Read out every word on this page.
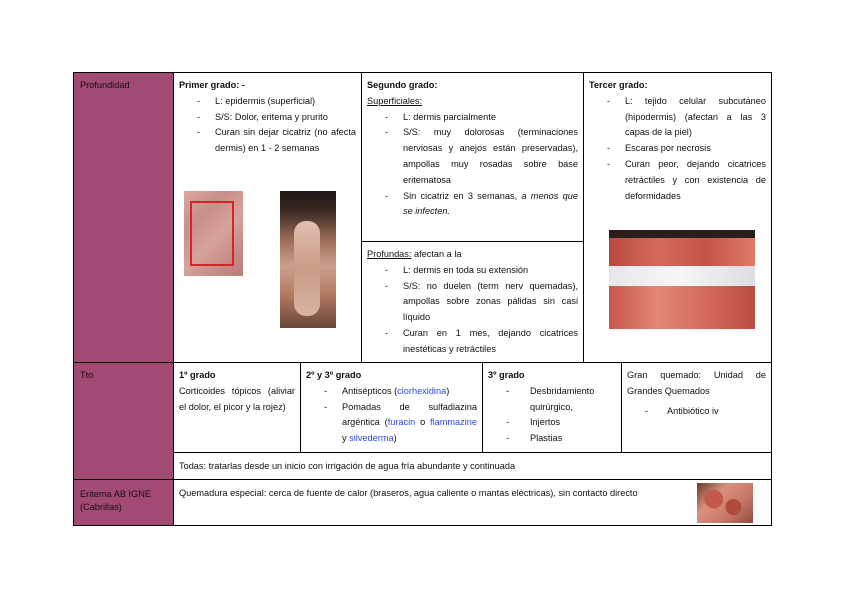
Profundidad
Tto
Eritema AB IGNE (Cabrillas)
Primer grado: -
- L: epidermis (superficial)
- S/S: Dolor, eritema y prurito
- Curan sin dejar cicatriz (no afecta dermis) en 1 - 2 semanas
Segundo grado:
Superficiales:
- L: dermis parcialmente
- S/S: muy dolorosas (terminaciones nerviosas y anejos están preservadas), ampollas muy rosadas sobre base eritematosa
- Sin cicatriz en 3 semanas, a menos que se infecten.
Profundas: afectan a la
- L: dermis en toda su extensión
- S/S: no duelen (term nerv quemadas), ampollas sobre zonas pálidas sin casi líquido
- Curan en 1 mes, dejando cicatrices inestéticas y retráctiles
Tercer grado:
- L: tejido celular subcutáneo (hipodermis) (afectan a las 3 capas de la piel)
- Escaras por necrosis
- Curan peor, dejando cicatrices retráctiles y con existencia de deformidades
1º grado
Corticoides tópicos (aliviar el dolor, el picor y la rojez)
2º y 3º grado
- Antisépticos (clorhexidina)
- Pomadas de sulfadiazina argéntica (furacin o flammazine y silvederma)
3º grado
- Desbridamiento quirúrgico,
- Injertos
- Plastias
Gran quemado: Unidad de Grandes Quemados
- Antibiótico iv
Todas: tratarlas desde un inicio con irrigación de agua fría abundante y continuada
Quemadura especial: cerca de fuente de calor (braseros, agua caliente o mantas eléctricas), sin contacto directo
